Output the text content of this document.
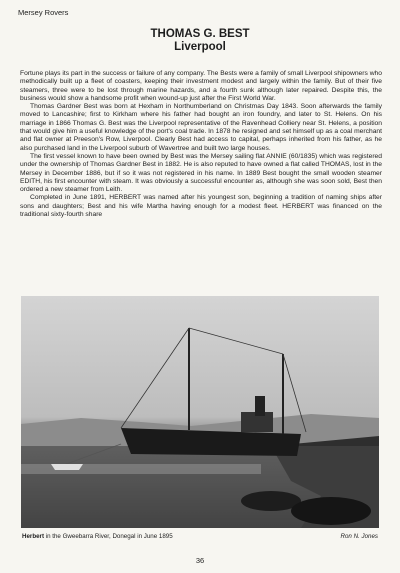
Mersey Rovers
THOMAS G. BEST
Liverpool

Fortune plays its part in the success or failure of any company. The Bests were a family of small Liverpool shipowners who methodically built up a fleet of coasters, keeping their investment modest and largely within the family. But of their five steamers, three were to be lost through marine hazards, and a fourth sunk although later repaired. Despite this, the business would show a handsome profit when wound-up just after the First World War.

Thomas Gardner Best was born at Hexham in Northumberland on Christmas Day 1843. Soon afterwards the family moved to Lancashire; first to Kirkham where his father had bought an iron foundry, and later to St. Helens. On his marriage in 1866 Thomas G. Best was the Liverpool representative of the Ravenhead Colliery near St. Helens, a position that would give him a useful knowledge of the port's coal trade. In 1878 he resigned and set himself up as a coal merchant and flat owner at Preeson's Row, Liverpool. Clearly Best had access to capital, perhaps inherited from his father, as he also purchased land in the Liverpool suburb of Wavertree and built two large houses.

The first vessel known to have been owned by Best was the Mersey sailing flat ANNIE (60/1835) which was registered under the ownership of Thomas Gardner Best in 1882. He is also reputed to have owned a flat called THOMAS, lost in the Mersey in December 1886, but if so it was not registered in his name. In 1889 Best bought the small wooden steamer EDITH, his first encounter with steam. It was obviously a successful encounter as, although she was soon sold, Best then ordered a new steamer from Leith.

Completed in June 1891, HERBERT was named after his youngest son, beginning a tradition of naming ships after sons and daughters; Best and his wife Martha having enough for a modest fleet. HERBERT was financed on the traditional sixty-fourth share

Herbert in the Gweebarra River, Donegal in June 1895	Ron N. Jones
36
